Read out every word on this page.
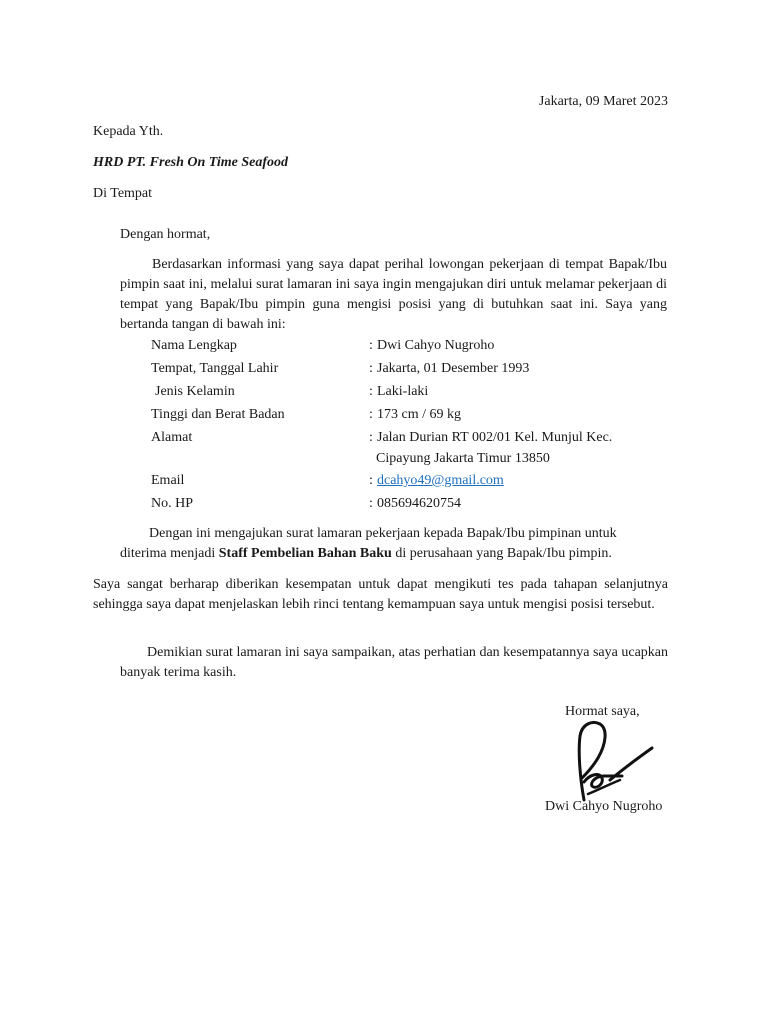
Jakarta, 09 Maret 2023

Kepada Yth.

HRD PT. Fresh On Time Seafood

Di Tempat

Dengan hormat,

Berdasarkan informasi yang saya dapat perihal lowongan pekerjaan di tempat Bapak/Ibu pimpin saat ini, melalui surat lamaran ini saya ingin mengajukan diri untuk melamar pekerjaan di tempat yang Bapak/Ibu pimpin guna mengisi posisi yang di butuhkan saat ini. Saya yang bertanda tangan di bawah ini:

Nama Lengkap	: Dwi Cahyo Nugroho
Tempat, Tanggal Lahir	: Jakarta, 01 Desember 1993
Jenis Kelamin	: Laki-laki
Tinggi dan Berat Badan	: 173 cm / 69 kg
Alamat	: Jalan Durian RT 002/01 Kel. Munjul Kec.
Cipayung Jakarta Timur 13850
Email	: dcahyo49@gmail.com
No. HP	: 085694620754

Dengan ini mengajukan surat lamaran pekerjaan kepada Bapak/Ibu pimpinan untuk

diterima menjadi Staff Pembelian Bahan Baku di perusahaan yang Bapak/Ibu pimpin.

Saya sangat berharap diberikan kesempatan untuk dapat mengikuti tes pada tahapan selanjutnya sehingga saya dapat menjelaskan lebih rinci tentang kemampuan saya untuk mengisi posisi tersebut.

Demikian surat lamaran ini saya sampaikan, atas perhatian dan kesempatannya saya ucapkan banyak terima kasih.

Hormat saya,

Dwi Cahyo Nugroho
